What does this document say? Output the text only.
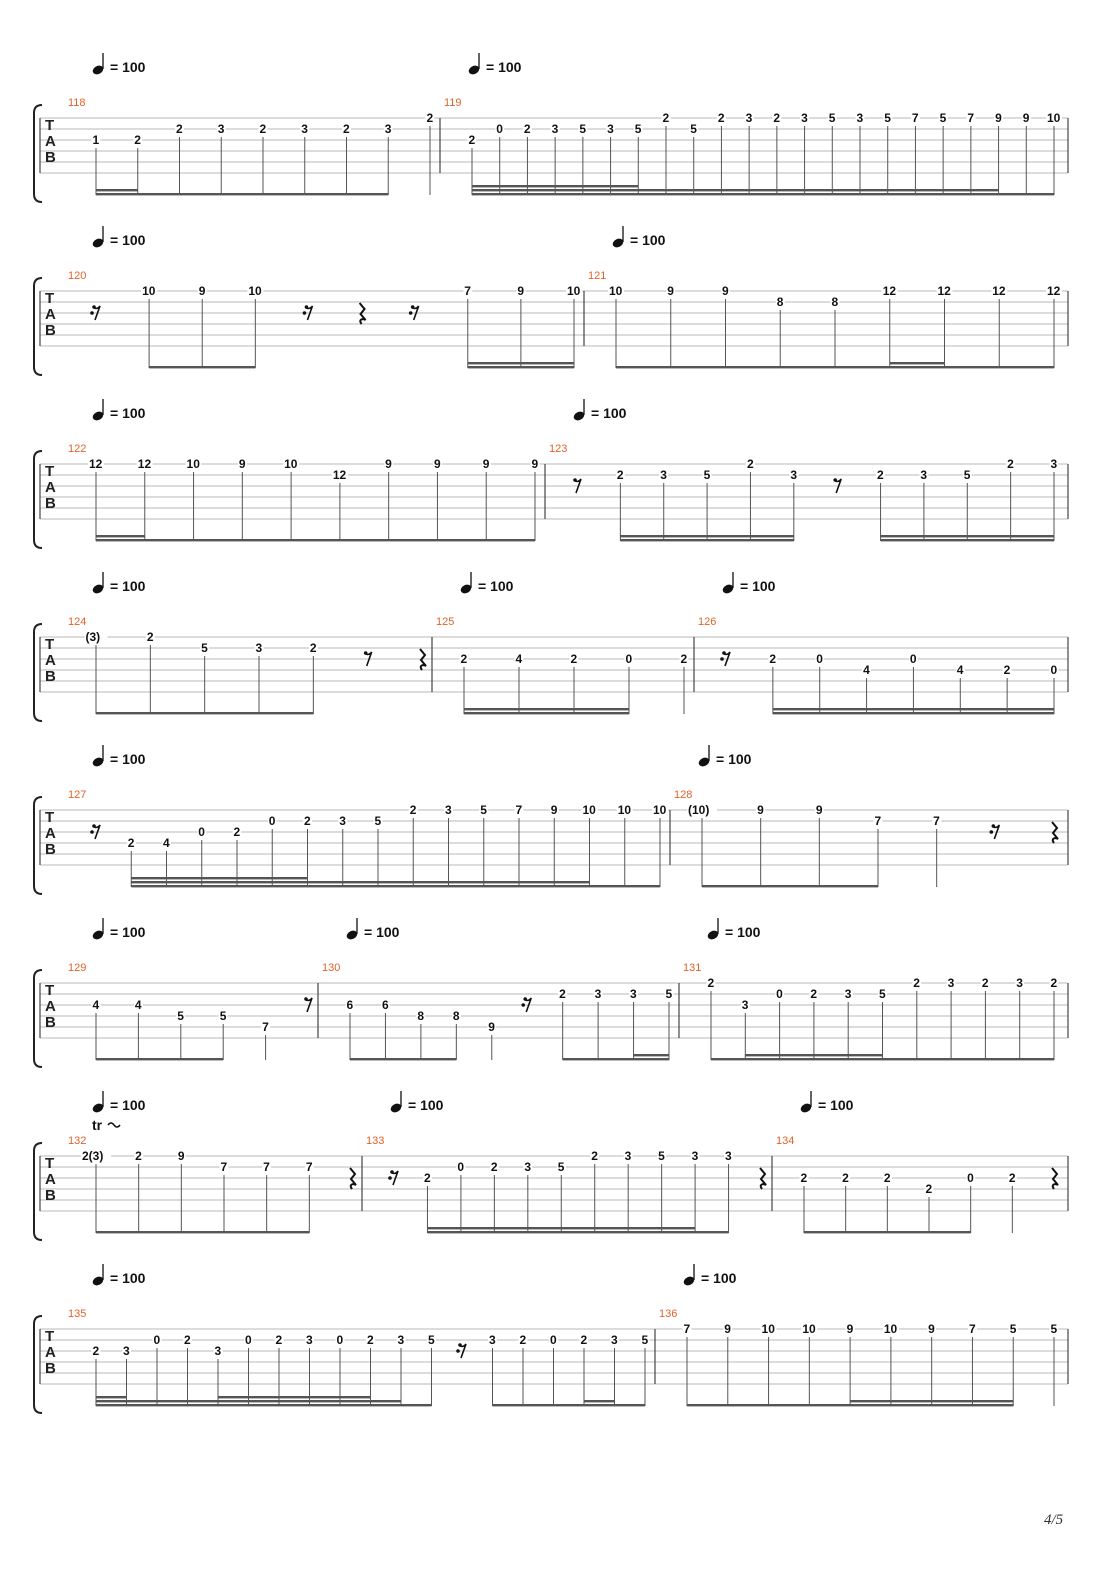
T
A
B
118
= 100
1	2
2	3	2	3	2	3
2
119
= 100
2
0 2 3 5 3 5
2
5
2 3 2 3 5 3 5 7 5 7 9 9 10
T
A
B
120
= 100
10	9	10	7	9	10
121
= 100
10	9	9
8	8
12	12	12	12
T
A
B
122
= 100
12	12	10	9	10
12
9	9	9	9
123
= 100
2	3	5
2
3	2	3	5
2	3
T
A
B
124
= 100
(3)	2
5	3	2
125
= 100
2	4	2	0	2
126
= 100
2	0
4
0
4	2	0
T
A
B
127
= 100
2 4
0 2
0 2 3 5
2 3 5 7 9 10 10 10
128
= 100
(10)	9	9
7	7
T
A
B
129
= 100
4	4
5	5
7
130
= 100
6 6
8 8
9
2 3 3 5
131
= 100
2
3
0 2 3 5
2 3 2 3 2
T
A
B
132
= 100
tr
2(3)	2	9
7	7	7
133
= 100
2
0 2 3 5
2 3 5 3 3
134
= 100
2	2	2
2
0	2
T
A
B
135
= 100
2 3
0 2
3
0 2 3 0 2 3 5	3 2 0 2 3 5
136
= 100
7	9	10 10	9	10	9	7	5	5
4/5
